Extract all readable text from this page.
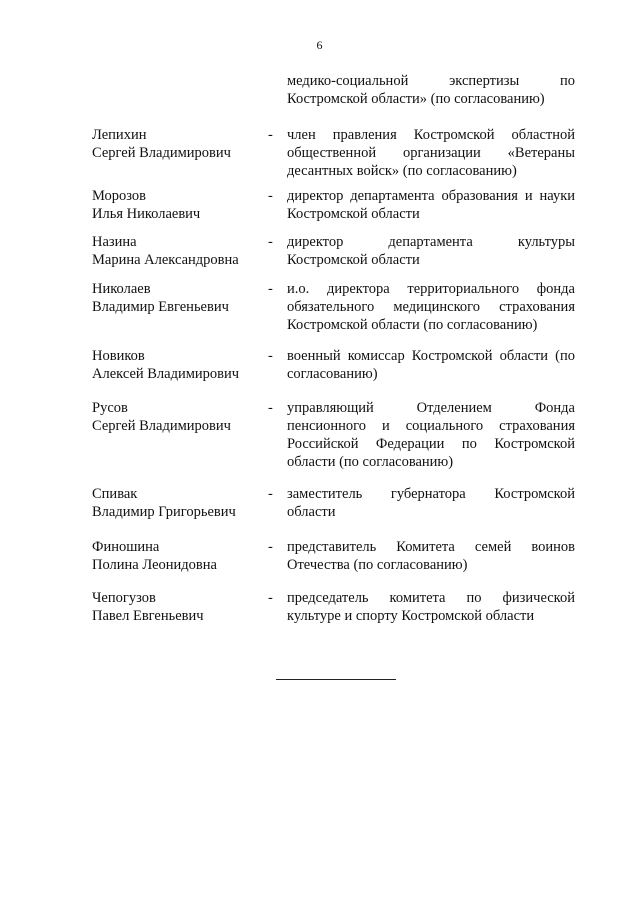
6
медико-социальной экспертизы по
Костромской области» (по согласованию)
Лепихин
Сергей Владимирович
- член правления Костромской областной
общественной организации «Ветераны
десантных войск» (по согласованию)
Морозов
Илья Николаевич
- директор департамента образования и науки
Костромской области
Назина
Марина Александровна
- директор департамента культуры
Костромской области
Николаев
Владимир Евгеньевич
- и.о. директора территориального фонда
обязательного медицинского страхования
Костромской области (по согласованию)
Новиков
Алексей Владимирович
- военный комиссар Костромской области (по
согласованию)
Русов
Сергей Владимирович
- управляющий Отделением Фонда
пенсионного и социального страхования
Российской Федерации по Костромской
области (по согласованию)
Спивак
Владимир Григорьевич
- заместитель губернатора Костромской
области
Финошина
Полина Леонидовна
- представитель Комитета семей воинов
Отечества (по согласованию)
Чепогузов
Павел Евгеньевич
- председатель комитета по физической
культуре и спорту Костромской области
